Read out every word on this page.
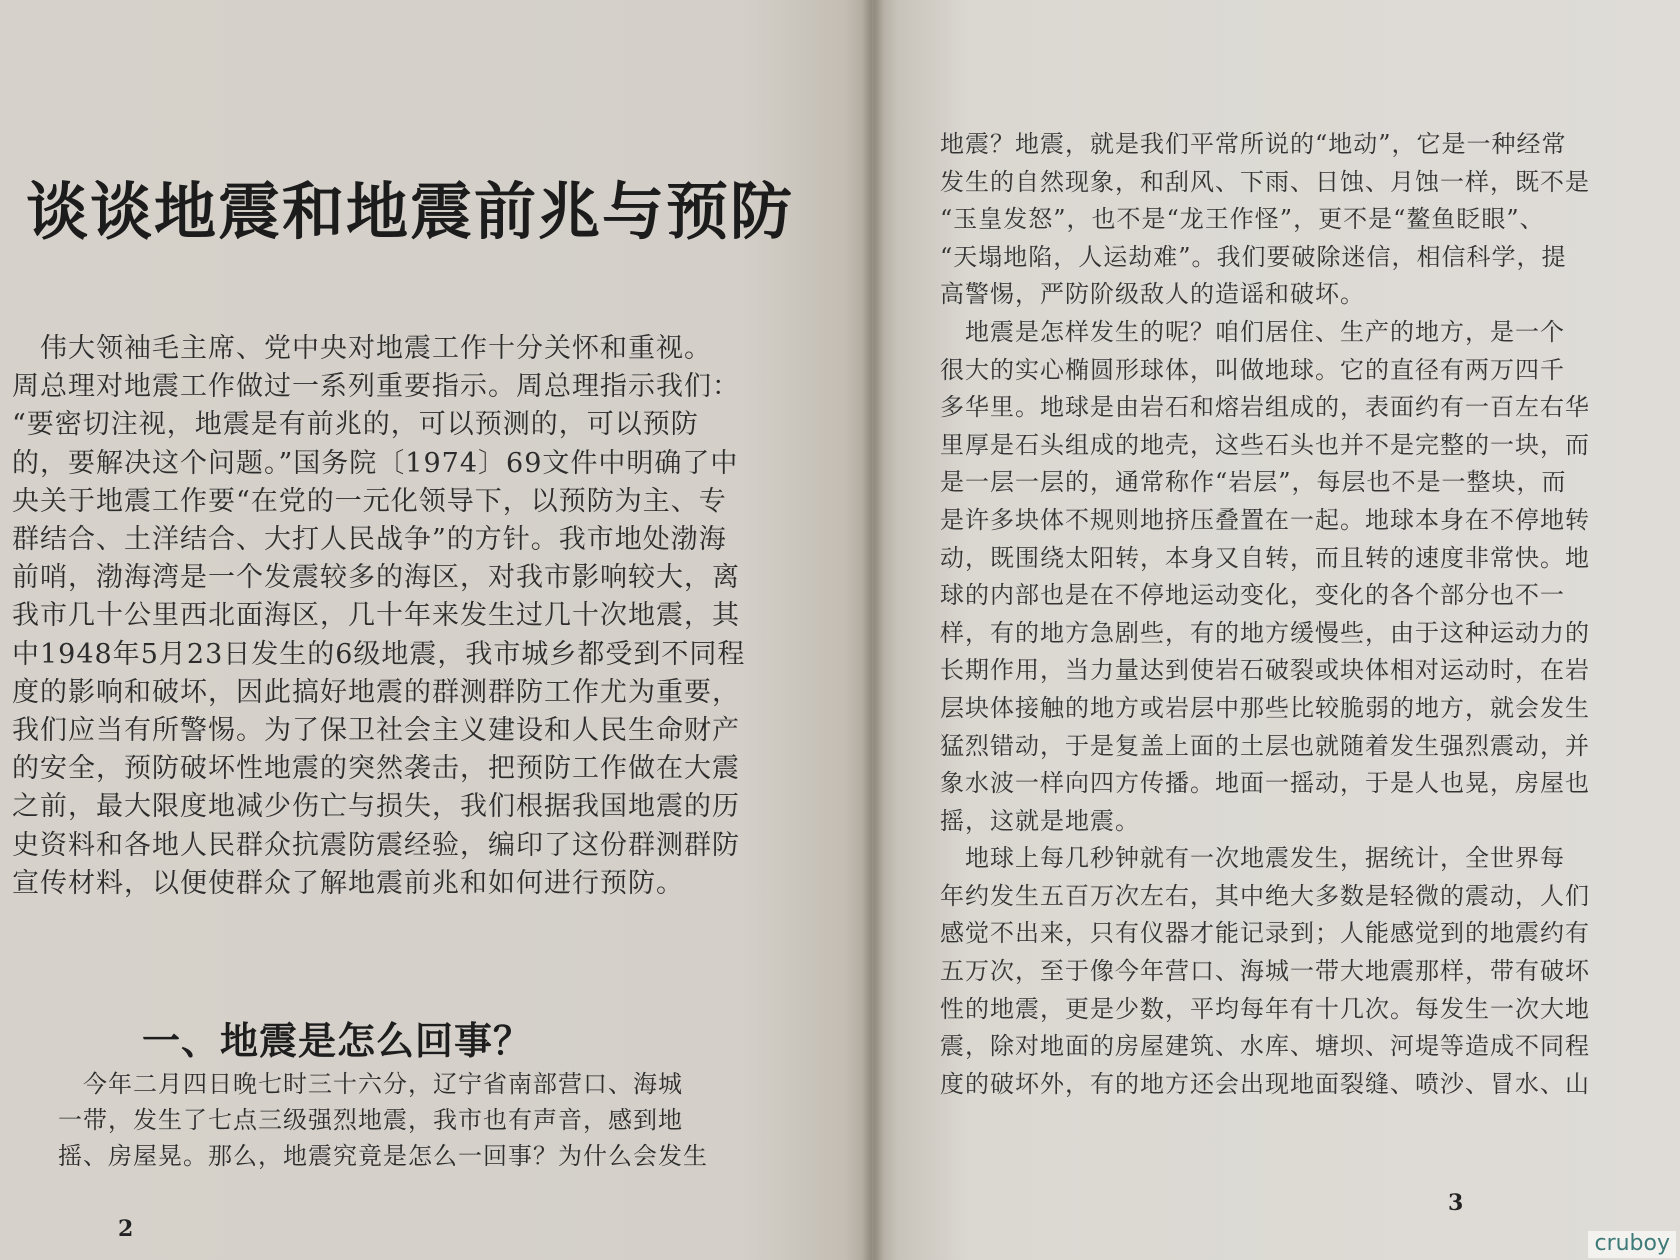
谈谈地震和地震前兆与预防
　伟大领袖毛主席、党中央对地震工作十分关怀和重视。
周总理对地震工作做过一系列重要指示。周总理指示我们：
“要密切注视，地震是有前兆的，可以预测的，可以预防
的，要解决这个问题。”国务院〔1974〕69文件中明确了中
央关于地震工作要“在党的一元化领导下，以预防为主、专
群结合、土洋结合、大打人民战争”的方针。我市地处渤海
前哨，渤海湾是一个发震较多的海区，对我市影响较大，离
我市几十公里西北面海区，几十年来发生过几十次地震，其
中1948年5月23日发生的6级地震，我市城乡都受到不同程
度的影响和破坏，因此搞好地震的群测群防工作尤为重要，
我们应当有所警惕。为了保卫社会主义建设和人民生命财产
的安全，预防破坏性地震的突然袭击，把预防工作做在大震
之前，最大限度地减少伤亡与损失，我们根据我国地震的历
史资料和各地人民群众抗震防震经验，编印了这份群测群防
宣传材料，以便使群众了解地震前兆和如何进行预防。
一、地震是怎么回事？
　今年二月四日晚七时三十六分，辽宁省南部营口、海城
一带，发生了七点三级强烈地震，我市也有声音，感到地
摇、房屋晃。那么，地震究竟是怎么一回事？为什么会发生
2
地震？地震，就是我们平常所说的“地动”，它是一种经常
发生的自然现象，和刮风、下雨、日蚀、月蚀一样，既不是
“玉皇发怒”，也不是“龙王作怪”，更不是“鳌鱼眨眼”、
“天塌地陷，人运劫难”。我们要破除迷信，相信科学，提
高警惕，严防阶级敌人的造谣和破坏。
　地震是怎样发生的呢？咱们居住、生产的地方，是一个
很大的实心椭圆形球体，叫做地球。它的直径有两万四千
多华里。地球是由岩石和熔岩组成的，表面约有一百左右华
里厚是石头组成的地壳，这些石头也并不是完整的一块，而
是一层一层的，通常称作“岩层”，每层也不是一整块，而
是许多块体不规则地挤压叠置在一起。地球本身在不停地转
动，既围绕太阳转，本身又自转，而且转的速度非常快。地
球的内部也是在不停地运动变化，变化的各个部分也不一
样，有的地方急剧些，有的地方缓慢些，由于这种运动力的
长期作用，当力量达到使岩石破裂或块体相对运动时，在岩
层块体接触的地方或岩层中那些比较脆弱的地方，就会发生
猛烈错动，于是复盖上面的土层也就随着发生强烈震动，并
象水波一样向四方传播。地面一摇动，于是人也晃，房屋也
摇，这就是地震。
　地球上每几秒钟就有一次地震发生，据统计，全世界每
年约发生五百万次左右，其中绝大多数是轻微的震动，人们
感觉不出来，只有仪器才能记录到；人能感觉到的地震约有
五万次，至于像今年营口、海城一带大地震那样，带有破坏
性的地震，更是少数，平均每年有十几次。每发生一次大地
震，除对地面的房屋建筑、水库、塘坝、河堤等造成不同程
度的破坏外，有的地方还会出现地面裂缝、喷沙、冒水、山
3
cruboy
